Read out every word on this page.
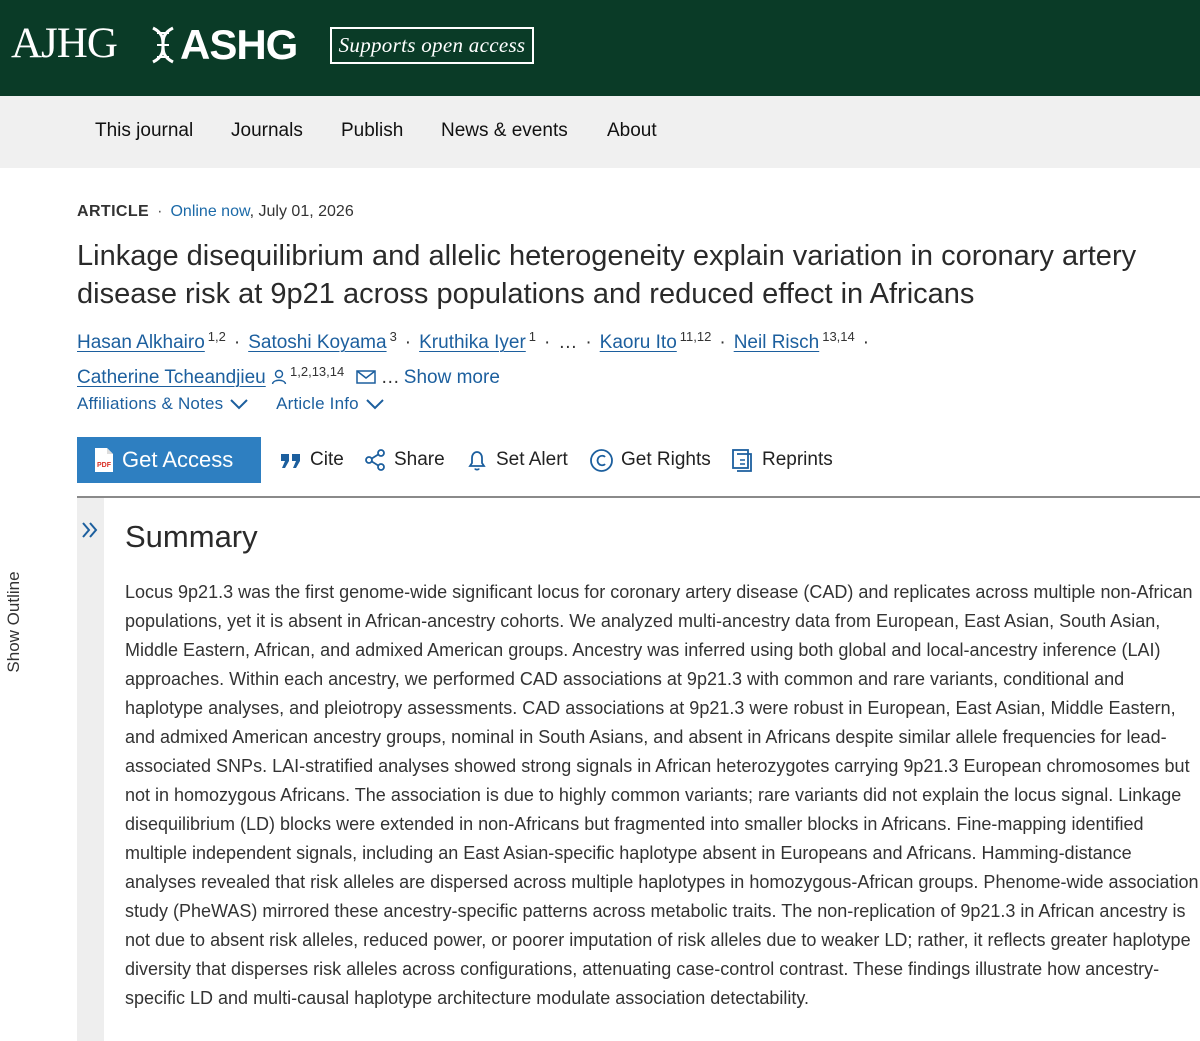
AJHG ASHG	Supports open access
This journal Journals Publish News & events About
ARTICLE · Online now, July 01, 2026
Linkage disequilibrium and allelic heterogeneity explain variation in coronary artery disease risk at 9p21 across populations and reduced effect in Africans
Hasan Alkhairo $^{1,2}$ · Satoshi Koyama $^3$ · Kruthika Iyer $^1$ · … · Kaoru Ito $^{11,12}$ · Neil Risch $^{13,14}$ ·
Catherine Tcheandjieu $^{1,2,13,14}$ … Show more
Affiliations & Notes
	Article Info
PDF Get Access	Cite	Share	Set Alert	Get Rights	Reprints
Show Outline
Summary

Locus 9p21.3 was the first genome-wide significant locus for coronary artery disease (CAD) and replicates across multiple non-African populations, yet it is absent in African-ancestry cohorts. We analyzed multi-ancestry data from European, East Asian, South Asian, Middle Eastern, African, and admixed American groups. Ancestry was inferred using both global and local-ancestry inference (LAI) approaches. Within each ancestry, we performed CAD associations at 9p21.3 with common and rare variants, conditional and haplotype analyses, and pleiotropy assessments. CAD associations at 9p21.3 were robust in European, East Asian, Middle Eastern, and admixed American ancestry groups, nominal in South Asians, and absent in Africans despite similar allele frequencies for lead-associated SNPs. LAI-stratified analyses showed strong signals in African heterozygotes carrying 9p21.3 European chromosomes but not in homozygous Africans. The association is due to highly common variants; rare variants did not explain the locus signal. Linkage disequilibrium (LD) blocks were extended in non-Africans but fragmented into smaller blocks in Africans. Fine-mapping identified multiple independent signals, including an East Asian-specific haplotype absent in Europeans and Africans. Hamming-distance analyses revealed that risk alleles are dispersed across multiple haplotypes in homozygous-African groups. Phenome-wide association study (PheWAS) mirrored these ancestry-specific patterns across metabolic traits. The non-replication of 9p21.3 in African ancestry is not due to absent risk alleles, reduced power, or poorer imputation of risk alleles due to weaker LD; rather, it reflects greater haplotype diversity that disperses risk alleles across configurations, attenuating case-control contrast. These findings illustrate how ancestry-specific LD and multi-causal haplotype architecture modulate association detectability.
